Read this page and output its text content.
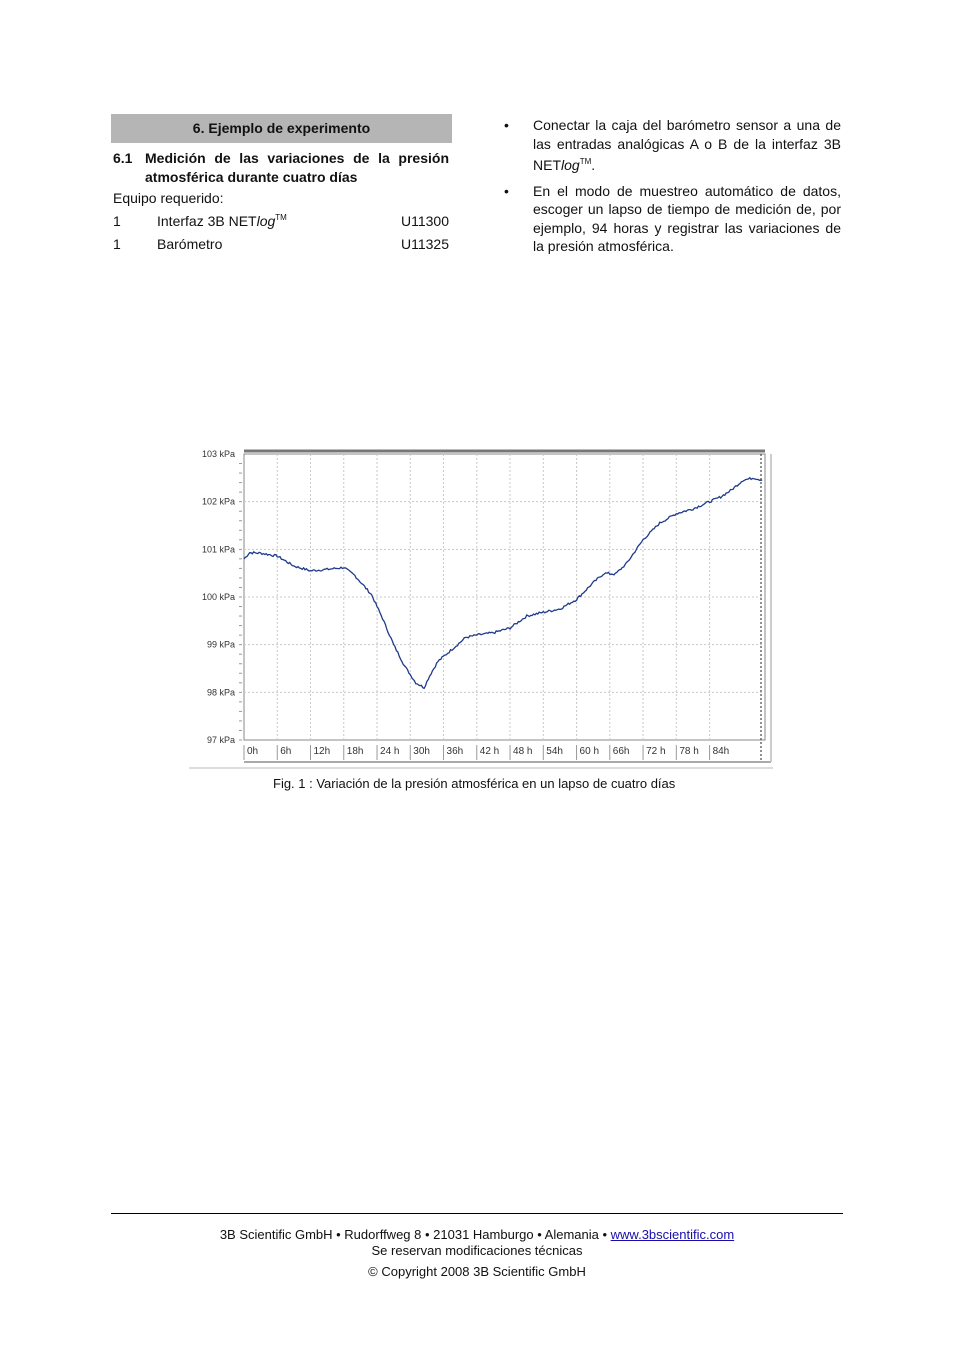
6. Ejemplo de experimento
6.1 Medición de las variaciones de la presión
atmosférica durante cuatro días
Equipo requerido:
1	Interfaz 3B NETlog™	U11300
1	Barómetro	U11325
• Conectar la caja del barómetro sensor a una de las entradas analógicas A o B de la interfaz 3B NETlog™.
• En el modo de muestreo automático de datos, escoger un lapso de tiempo de medición de, por ejemplo, 94 horas y registrar las variaciones de la presión atmosférica.
103 kPa
102 kPa
101 kPa
100 kPa
99 kPa
98 kPa
97 kPa
0h 6h 12h 18h 24 h 30h 36h 42 h 48 h 54h 60 h 66h 72 h 78 h 84h
Fig. 1 : Variación de la presión atmosférica en un lapso de cuatro días
3B Scientific GmbH • Rudorffweg 8 • 21031 Hamburgo • Alemania • www.3bscientific.com
Se reservan modificaciones técnicas
© Copyright 2008 3B Scientific GmbH
